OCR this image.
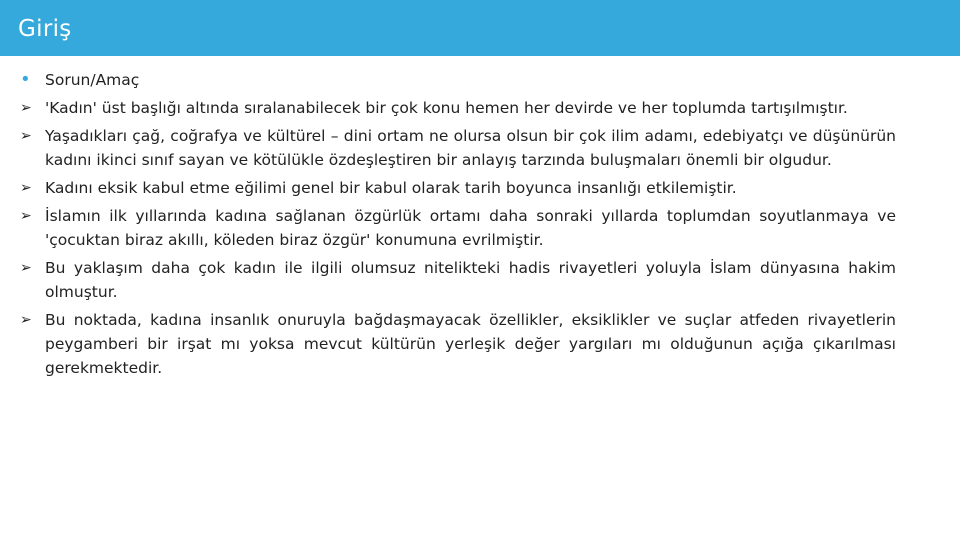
Giriş
• Sorun/Amaç
➢ 'Kadın' üst başlığı altında sıralanabilecek bir çok konu hemen her devirde ve her toplumda tartışılmıştır.
➢ Yaşadıkları çağ, coğrafya ve kültürel – dini ortam ne olursa olsun bir çok ilim adamı, edebiyatçı ve düşünürün kadını ikinci sınıf sayan ve kötülükle özdeşleştiren bir anlayış tarzında buluşmaları önemli bir olgudur.
➢ Kadını eksik kabul etme eğilimi genel bir kabul olarak tarih boyunca insanlığı etkilemiştir.
➢ İslamın ilk yıllarında kadına sağlanan özgürlük ortamı daha sonraki yıllarda toplumdan soyutlanmaya ve 'çocuktan biraz akıllı, köleden biraz özgür' konumuna evrilmiştir.
➢ Bu yaklaşım daha çok kadın ile ilgili olumsuz nitelikteki hadis rivayetleri yoluyla İslam dünyasına hakim olmuştur.
➢ Bu noktada, kadına insanlık onuruyla bağdaşmayacak özellikler, eksiklikler ve suçlar atfeden rivayetlerin peygamberi bir irşat mı yoksa mevcut kültürün yerleşik değer yargıları mı olduğunun açığa çıkarılması gerekmektedir.
